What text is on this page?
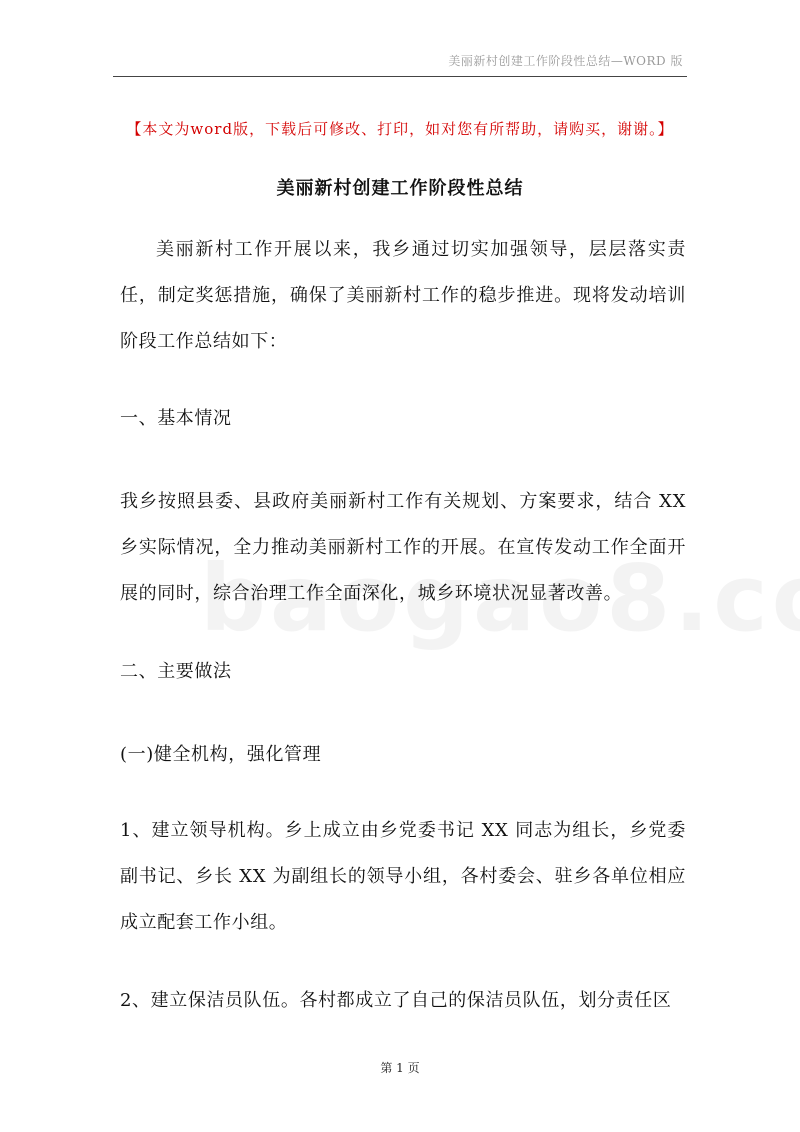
美丽新村创建工作阶段性总结—WORD 版
【本文为word版，下载后可修改、打印，如对您有所帮助，请购买，谢谢。】
美丽新村创建工作阶段性总结

美丽新村工作开展以来，我乡通过切实加强领导，层层落实责任，制定奖惩措施，确保了美丽新村工作的稳步推进。现将发动培训阶段工作总结如下：

一、基本情况

我乡按照县委、县政府美丽新村工作有关规划、方案要求，结合 XX 乡实际情况，全力推动美丽新村工作的开展。在宣传发动工作全面开展的同时，综合治理工作全面深化，城乡环境状况显著改善。

二、主要做法

(一)健全机构，强化管理

1、建立领导机构。乡上成立由乡党委书记 XX 同志为组长，乡党委副书记、乡长 XX 为副组长的领导小组，各村委会、驻乡各单位相应成立配套工作小组。

2、建立保洁员队伍。各村都成立了自己的保洁员队伍，划分责任区

第 1 页
